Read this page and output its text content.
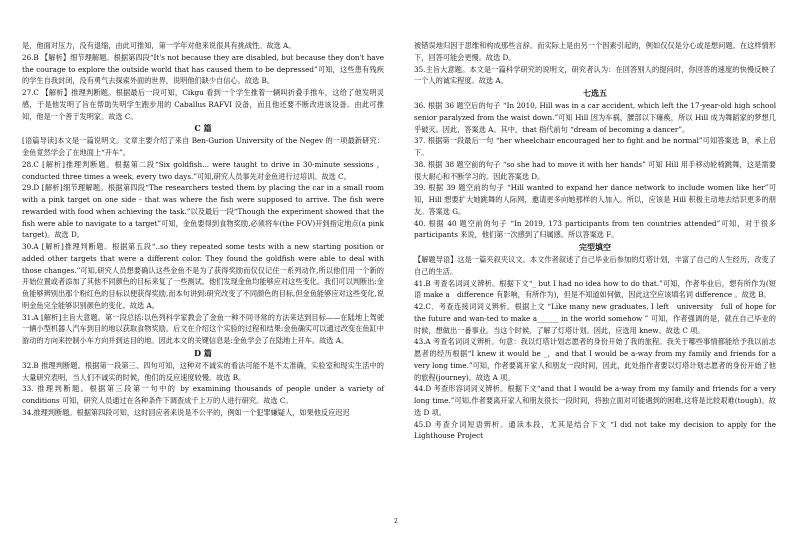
是，他面对压力，没有退缩，由此可推知，第一学年对他来说很具有挑战性。故选 A。

26.B 【解析】细节理解题。根据第四段“It's not because they are disabled, but because they don't have the courage to explore the outside world that has caused them to be depressed”可知，这些患有残疾的学生自我封闭，没有勇气去探索外面的世界，说明他们缺少自信心。故选 B。

27.C 【解析】推理判断题。根据最后一段可知，Cikgu 看到一个学生推着一辆叫折叠手推车，这给了他发明灵感，于是他发明了旨在帮助失明学生跑步用的 Caballus RAFVI 设备，而且他还要不断改进该设备。由此可推知，他是一个善于发明家。故选 C。

C 篇

[语篇导读]本文是一篇说明文。文章主要介绍了来自 Ben-Gurion University of the Negev 的一项最新研究：金鱼竟然学会了在地面上“开车”。

28.C [解析]推理判断题。根据第二段“Six goldfish... were taught to drive in 30-minute sessions ，conducted three times a week, every two days.”可知,研究人员事先对金鱼进行过培训。故选 C。

29.D [解析]细节理解题。根据第四段“The researchers tested them by placing the car in a small room with a pink target on one side - that was where the fish were supposed to arrive. The fish were rewarded with food when achieving the task.”以及最后一段“Though the experiment showed that the fish were able to navigate to a target”可知，金鱼要得到食物奖励,必须将车(the FOV)开到指定地点(a pink target)。故选 D。

30.A [解析]推理判断题。根据第五段“..so they repeated some tests with a new starting position or added other targets that were a different color. They found the goldfish were able to deal with those changes.”可知,研究人员想要确认这些金鱼不是为了获得奖励而仅仅记住一系列动作,所以他们用一个新的开始位置或者添加了其他不同颜色的目标来复了一些测试。他们发现金鱼均能够应对这些变化。我们可以判断出:金鱼能够辨别出那个粉红色的目标以便获得奖励,而本句讲到:研究改变了不同颜色的目标,但金鱼能够应对这些变化,说明金鱼完全能够识别颜色的变化。故选 A。

31.A [解析]主旨大意题。第一段总括:以色列科学家教会了金鱼一种不同寻常的方法来达到目标——在陆地上驾驶一辆小型机器人汽车到目的地以获取食物奖励。后文在介绍这个实验的过程和结果:金鱼确实可以通过改变在鱼缸中游动的方向来控制小车方向并到达目的地。因此本文的关键信息是:金鱼学会了在陆地上开车。故选 A。

D 篇

32.B 推理判断题。根据第一段第三、四句可知，这种对不诚实的看法可能不是不太准确，实验室和现实生活中的大量研究表明，当人们不诚实的时候，他们的反应速度较慢。故选 B。

33. 推理判断题。根据第三段第一句中的 by examining thousands of people under a variety of conditions 可知，研究人员通过在各种条件下调查成千上万的人进行研究。故选 C。

34.推理判断题。根据第四段可知，这时回应者来说是不公平的，例如一个犯罪嫌疑人，如果他反应迟迟

被错误地归因于思维和构成那些言辞。而实际上是由另一个因素引起的，例如仅仅是分心或是想问题。在这样情形下，回答可能会更慢。故选 D。

35.主旨大意题。本文是一篇科学研究的说明文，研究者认为：在回答别人的提问时，你回答的速度的快慢反映了一个人的诚实程度。故选 A。

七选五

36. 根据 36 题空后的句子 “In 2010, Hill was in a car accident, which left the 17-year-old high school senior paralyzed from the waist down.”可知 Hill 因为车祸，腰部以下瘫痪，所以 Hill 成为舞蹈家的梦想几乎破灭。因此，答案选 A。其中，that 指代前句 “dream of becoming a dancer”。

37. 根据第一段最后一句 “her wheelchair encouraged her to fight and be normal”可知答案选 B，承上启下。

38. 根据 38 题空前的句子 “so she had to move it with her hands” 可知 Hill 用手移动轮椅跳舞，这是需要很大耐心和不断学习的。因此答案选 D。

39. 根据 39 题空前的句子 “Hill wanted to expand her dance network to include women like her”可知，Hill 想要扩大她跳舞的人际网，邀请更多向她那样的人加入。所以，应该是 Hill 积极主动地去结识更多的朋友。答案选 G。

40. 根据 40 题空前的句子 “In 2019, 173 participants from ten countries attended”可知，对于很多 participants 来说，他们第一次感到了归属感。所以答案选 F。

完型填空

【解题导语】这是一篇夹叙夹议文。本文作者叙述了自己毕业后参加的灯塔计划，丰富了自己的人生经历，改变了自己的生活。

41.B 考查名词词义辨析。根据下文“_ but I had no idea how to do that.”可知，作者毕业后，想有所作为(短语 make a　difference 有影响，有所作为)，但是不知道如何做，因此这空应该填名词 difference 。故选 B。

42.C．考查连接词词义辨析。根据上文 “Like many new graduates, I left　university　full of hope for the future and wan-ted to make a______ in the world somehow ” 可知，作者强调的是，就在自己毕业的时候，想做出一番事业。当这个时候，了解了灯塔计划。因此，应选用 knew。故选 C 项。

43.A 考查名词词义辨析。句意：我以灯塔计划志愿者的身份开始了我的旅程。我关于哪些事情都能给予我以前志愿者的经历根据“I knew it would be _，and that I would be a-way from my family and friends for a very long time.”可知，作者要离开家人和朋友一段时间，因此，此处指作者要以灯塔计划志愿者的身份开始了他的旅程(journey)。故选 A 项。

44.D 考查形容词词义辨析。根据下文“and that I would be a-way from my family and friends for a very long time.”可知,作者要离开家人和朋友很长一段时间，将独立面对可能遇到的困难,这将是比较艰难(tough)。故选 D 项。

45.D 考查介词短语辨析。通读本段，尤其是结合下文 “I did not take my decision to apply for the Lighthouse Project

2
